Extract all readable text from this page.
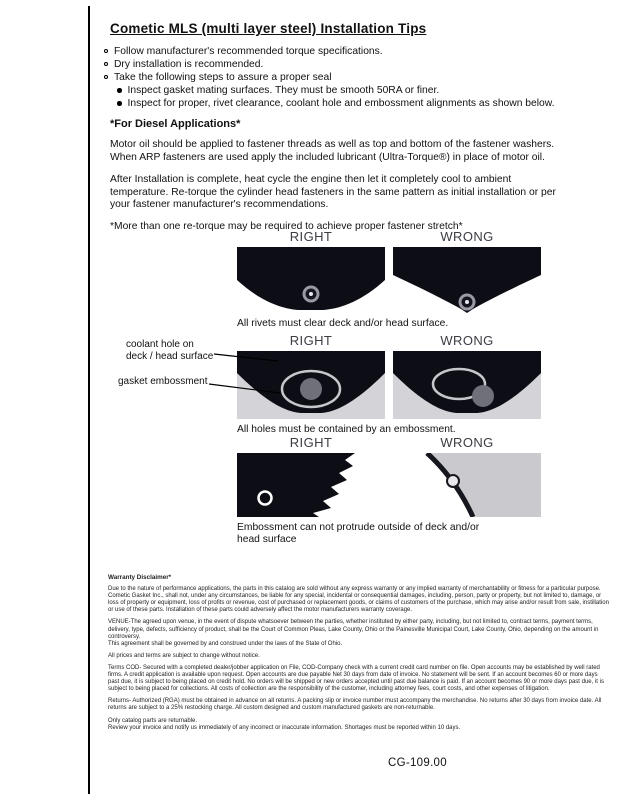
Cometic MLS (multi layer steel) Installation Tips
Follow manufacturer's recommended torque specifications.
Dry installation is recommended.
Take the following steps to assure a proper seal
Inspect gasket mating surfaces. They must be smooth 50RA or finer.
Inspect for proper, rivet clearance, coolant hole and embossment alignments as shown below.
*For Diesel Applications*

Motor oil should be applied to fastener threads as well as top and bottom of the fastener washers. When ARP fasteners are used apply the included lubricant (Ultra-Torque®) in place of motor oil.

After Installation is complete, heat cycle the engine then let it completely cool to ambient temperature. Re-torque the cylinder head fasteners in the same pattern as initial installation or per your fastener manufacturer's recommendations.

*More than one re-torque may be required to achieve proper fastener stretch*

RIGHT	WRONG
All rivets must clear deck and/or head surface.
coolant hole on deck / head surface
gasket embossment
RIGHT	WRONG
All holes must be contained by an embossment.
RIGHT	WRONG
Embossment can not protrude outside of deck and/or head surface
Warranty Disclaimer*

Due to the nature of performance applications, the parts in this catalog are sold without any express warranty or any implied warranty of merchantability or fitness for a particular purpose. Cometic Gasket Inc., shall not, under any circumstances, be liable for any special, incidental or consequential damages, including, person, party or property, but not limited to, damage, or loss of property or equipment, loss of profits or revenue, cost of purchased or replacement goods, or claims of customers of the purchase, which may arise and/or result from sale, instillation or use of these parts. Installation of these parts could adversely affect the motor manufacturers warranty coverage.

VENUE-The agreed upon venue, in the event of dispute whatsoever between the parties, whether instituted by either party, including, but not limited to, contract terms, payment terms, delivery, type, defects, sufficiency of product, shall be the Court of Common Pleas, Lake County, Ohio or the Painesville Municipal Court, Lake County, Ohio, depending on the amount in controversy.

This agreement shall be governed by and construed under the laws of the State of Ohio.

All prices and terms are subject to change without notice.

Terms COD- Secured with a completed dealer/jobber application on File, COD-Company check with a current credit card number on file. Open accounts may be established by well rated firms. A credit application is available upon request. Open accounts are due payable Net 30 days from date of invoice. No statement will be sent. If an account becomes 60 or more days past due, it is subject to being placed on credit hold. No orders will be shipped or new orders accepted until past due balance is paid. If an account becomes 90 or more days past due, it is subject to being placed for collections. All costs of collection are the responsibility of the customer, including attorney fees, court costs, and other expenses of litigation.

Returns- Authorized (RGA) must be obtained in advance on all returns. A packing slip or invoice number must accompany the merchandise. No returns after 30 days from invoice date. All returns are subject to a 25% restocking charge. All custom designed and custom manufactured gaskets are non-returnable.

Only catalog parts are returnable.

Review your invoice and notify us immediately of any incorrect or inaccurate information. Shortages must be reported within 10 days.

CG-109.00
